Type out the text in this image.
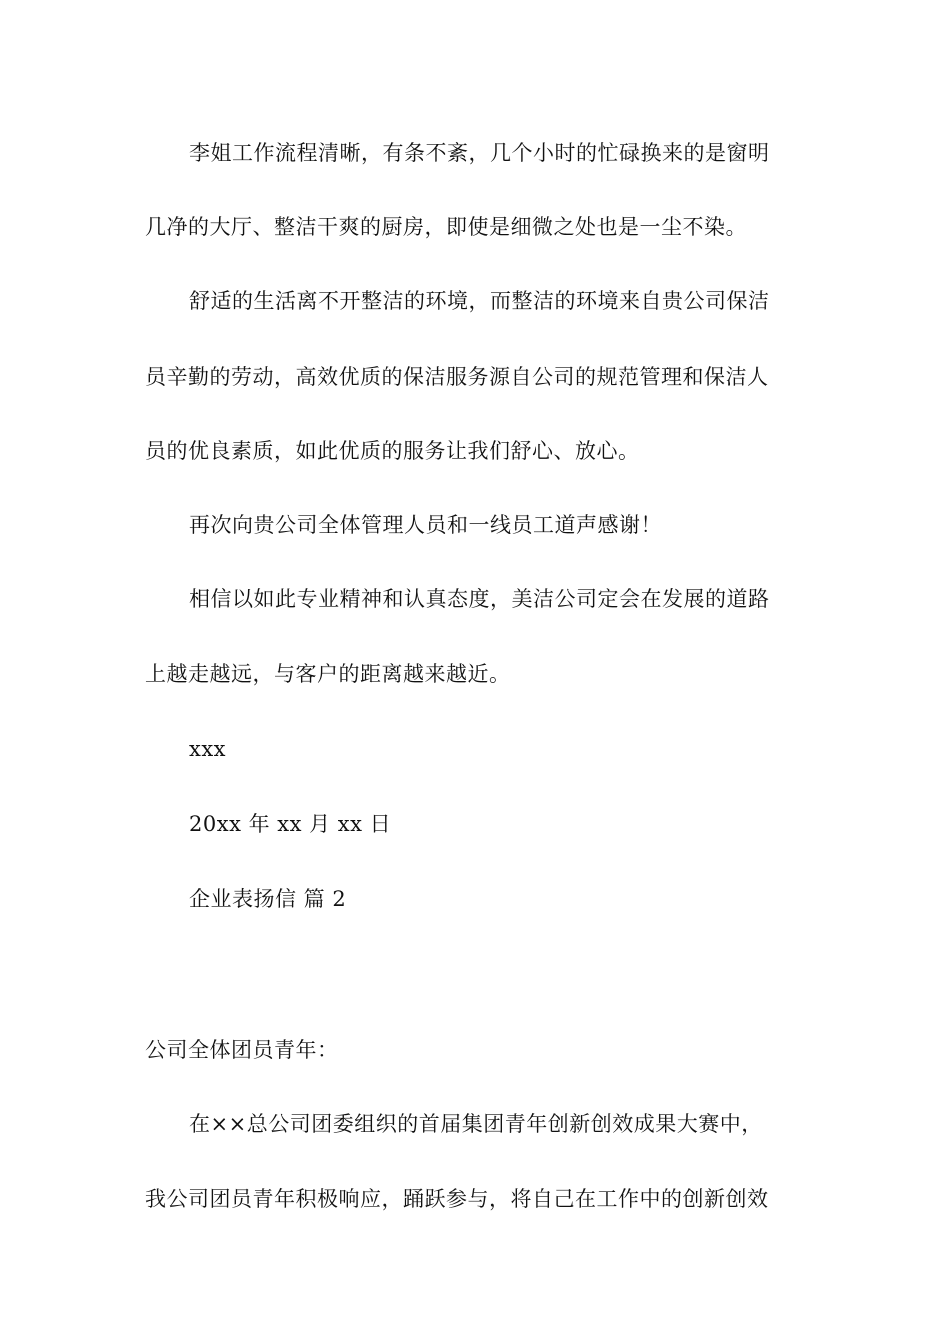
李姐工作流程清晰，有条不紊，几个小时的忙碌换来的是窗明
几净的大厅、整洁干爽的厨房，即使是细微之处也是一尘不染。
舒适的生活离不开整洁的环境，而整洁的环境来自贵公司保洁
员辛勤的劳动，高效优质的保洁服务源自公司的规范管理和保洁人
员的优良素质，如此优质的服务让我们舒心、放心。
再次向贵公司全体管理人员和一线员工道声感谢！
相信以如此专业精神和认真态度，美洁公司定会在发展的道路
上越走越远，与客户的距离越来越近。
xxx
20xx 年 xx 月 xx 日
企业表扬信 篇 2
公司全体团员青年：
在××总公司团委组织的首届集团青年创新创效成果大赛中，
我公司团员青年积极响应，踊跃参与，将自己在工作中的创新创效
